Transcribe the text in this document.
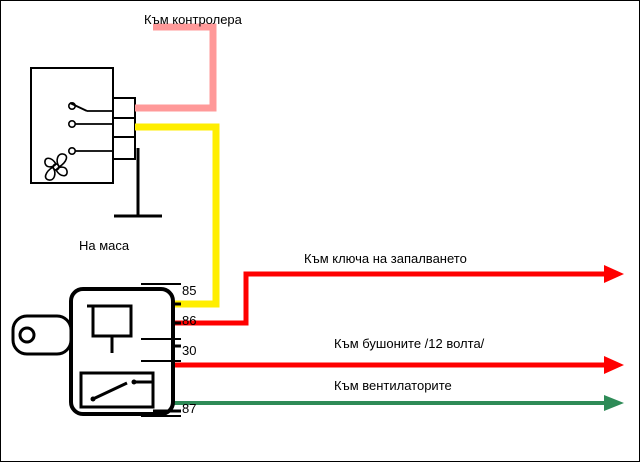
Към контролера
На маса
Към ключа на запалването
Към бушоните /12 волта/
Към вентилаторите
85
86
30
87
